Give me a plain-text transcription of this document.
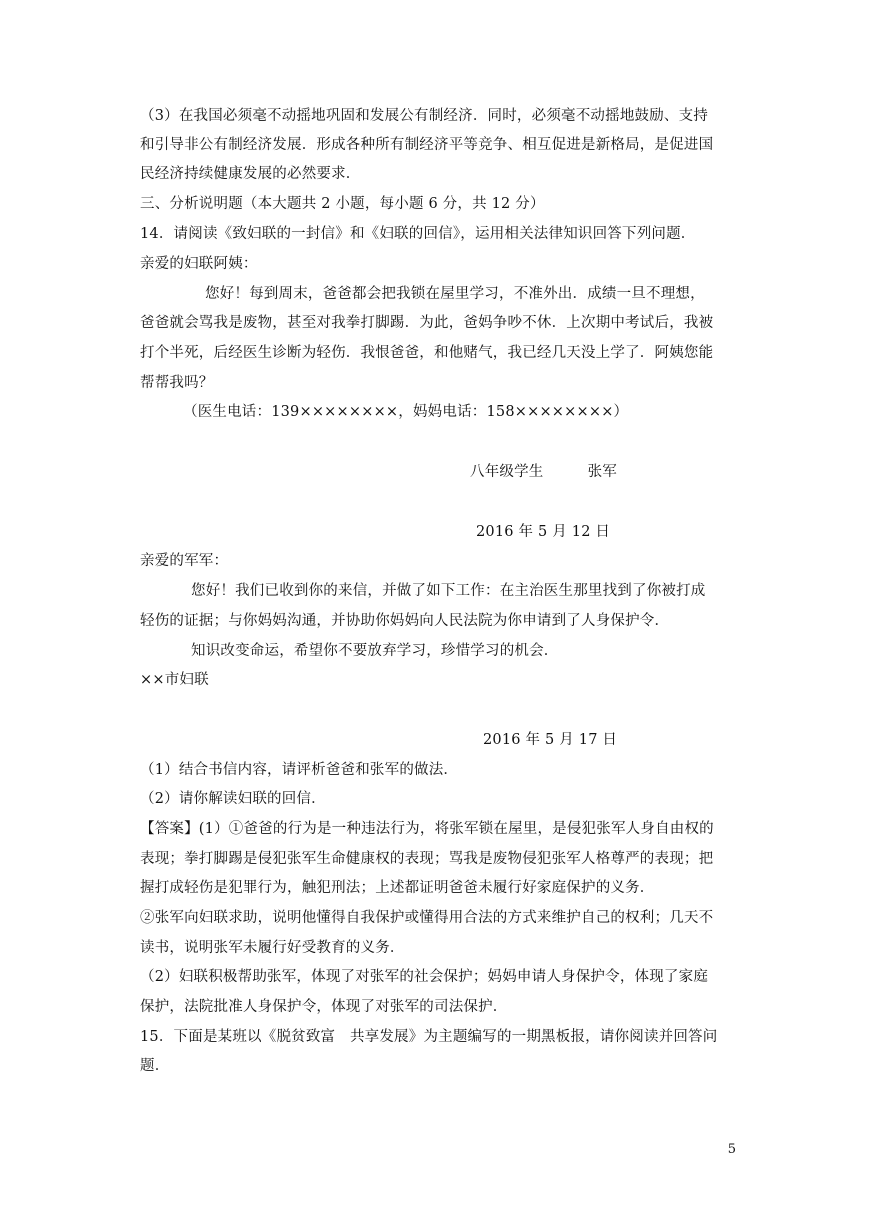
（3）在我国必须毫不动摇地巩固和发展公有制经济．同时，必须毫不动摇地鼓励、支持
和引导非公有制经济发展．形成各种所有制经济平等竞争、相互促进是新格局，是促进国
民经济持续健康发展的必然要求．
三、分析说明题（本大题共 2 小题，每小题 6 分，共 12 分）
14．请阅读《致妇联的一封信》和《妇联的回信》，运用相关法律知识回答下列问题．
亲爱的妇联阿姨：
您好！每到周末，爸爸都会把我锁在屋里学习，不准外出．成绩一旦不理想，
爸爸就会骂我是废物，甚至对我拳打脚踢．为此，爸妈争吵不休．上次期中考试后，我被
打个半死，后经医生诊断为轻伤．我恨爸爸，和他赌气，我已经几天没上学了．阿姨您能
帮帮我吗？
（医生电话：139××××××××，妈妈电话：158××××××××）
八年级学生　　　张军
2016 年 5 月 12 日
亲爱的军军：
您好！我们已收到你的来信，并做了如下工作：在主治医生那里找到了你被打成
轻伤的证据；与你妈妈沟通，并协助你妈妈向人民法院为你申请到了人身保护令．
知识改变命运，希望你不要放弃学习，珍惜学习的机会．
××市妇联
2016 年 5 月 17 日
（1）结合书信内容，请评析爸爸和张军的做法．
（2）请你解读妇联的回信．
【答案】(1）①爸爸的行为是一种违法行为，将张军锁在屋里，是侵犯张军人身自由权的
表现；拳打脚踢是侵犯张军生命健康权的表现；骂我是废物侵犯张军人格尊严的表现；把
握打成轻伤是犯罪行为，触犯刑法；上述都证明爸爸未履行好家庭保护的义务．
②张军向妇联求助，说明他懂得自我保护或懂得用合法的方式来维护自己的权利；几天不
读书，说明张军未履行好受教育的义务．
（2）妇联积极帮助张军，体现了对张军的社会保护；妈妈申请人身保护令，体现了家庭
保护，法院批准人身保护令，体现了对张军的司法保护．
15．下面是某班以《脱贫致富　共享发展》为主题编写的一期黑板报，请你阅读并回答问
题．
5
